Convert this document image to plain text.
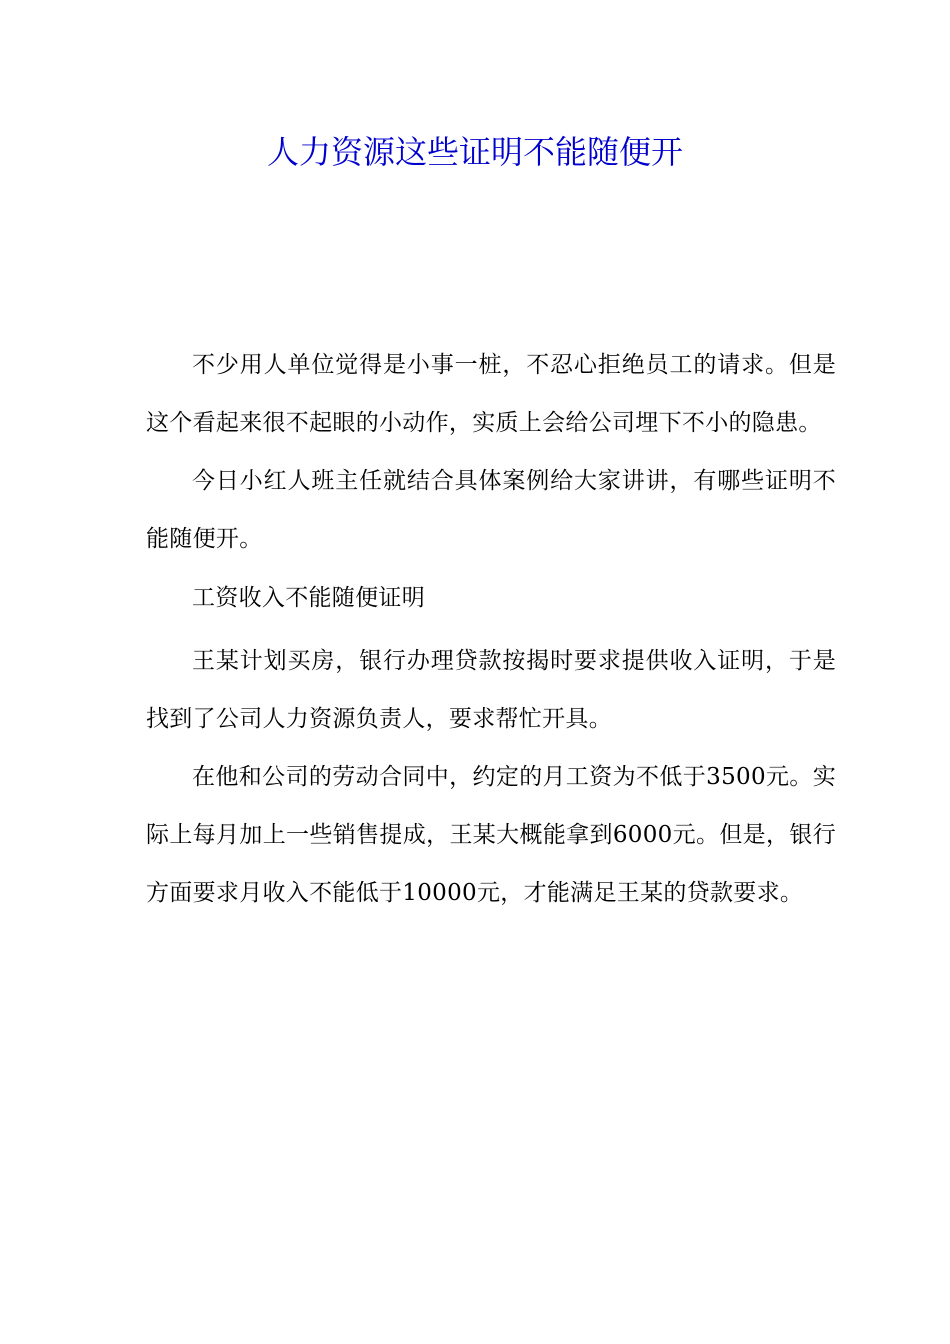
人力资源这些证明不能随便开

不少用人单位觉得是小事一桩，不忍心拒绝员工的请求。但是这个看起来很不起眼的小动作，实质上会给公司埋下不小的隐患。

今日小红人班主任就结合具体案例给大家讲讲，有哪些证明不能随便开。

工资收入不能随便证明

王某计划买房，银行办理贷款按揭时要求提供收入证明，于是找到了公司人力资源负责人，要求帮忙开具。

在他和公司的劳动合同中，约定的月工资为不低于3500元。实际上每月加上一些销售提成，王某大概能拿到6000元。但是，银行方面要求月收入不能低于10000元，才能满足王某的贷款要求。
